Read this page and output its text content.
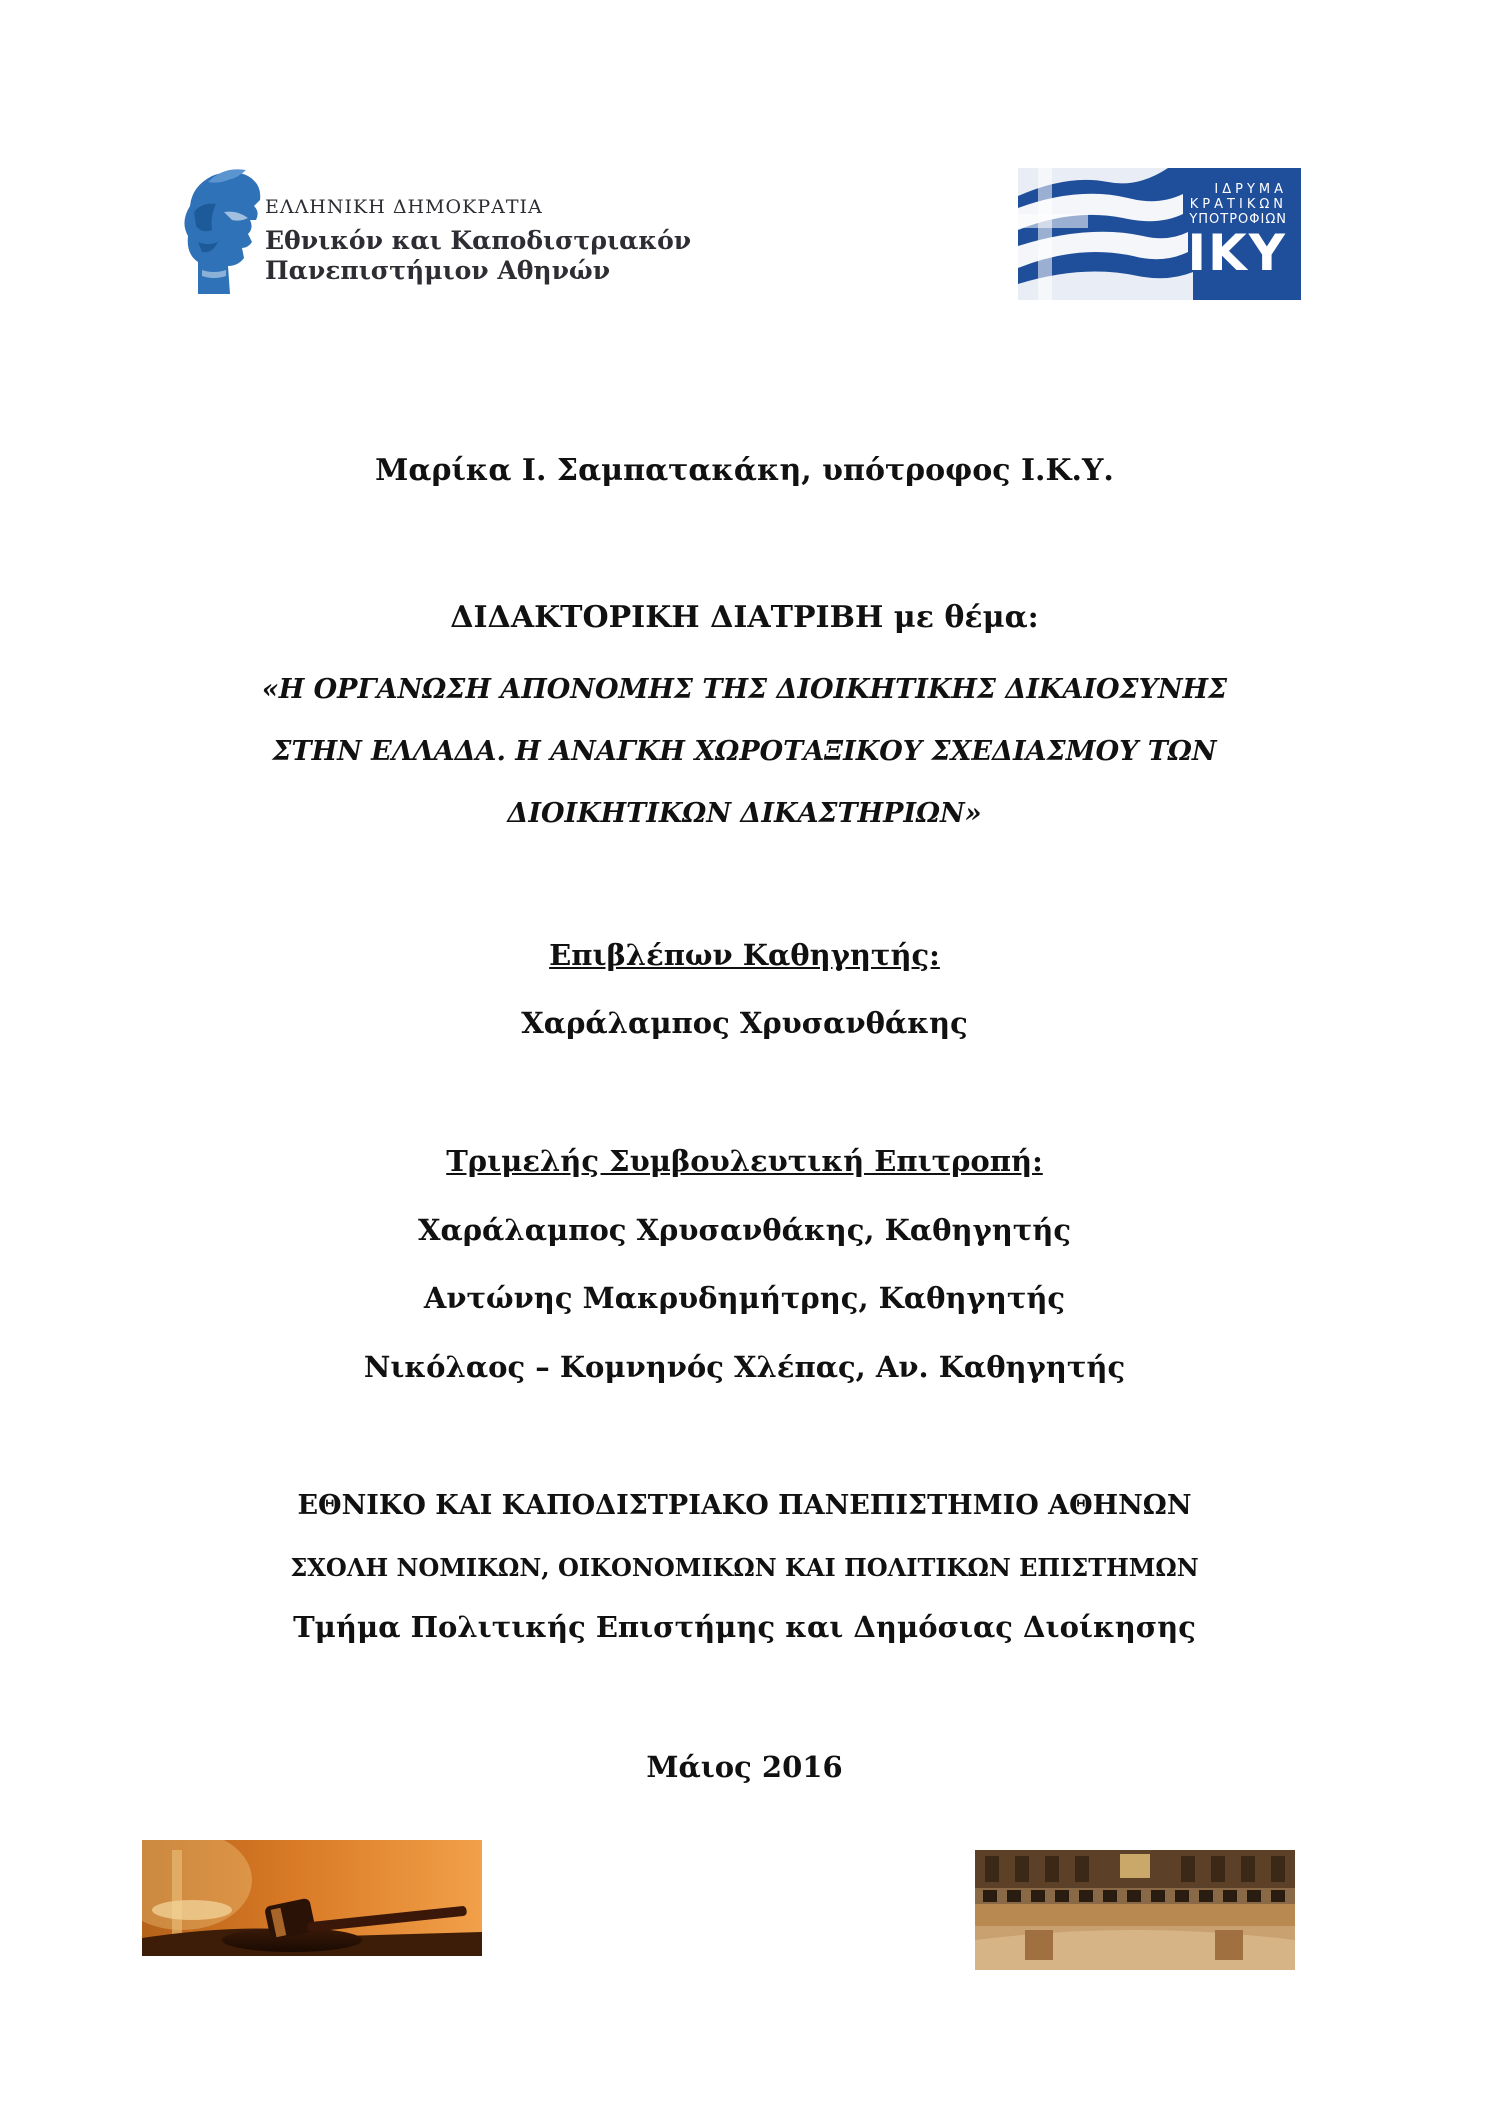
ΕΛΛΗΝΙΚΗ ΔΗΜΟΚΡΑΤΙΑ
Εθνικόν και Καποδιστριακόν
Πανεπιστήμιον Αθηνών
ΙΔΡΥΜΑ
ΚΡΑΤΙΚΩΝ
ΥΠΟΤΡΟΦΙΩΝ
IKY
Μαρίκα Ι. Σαμπατακάκη, υπότροφος Ι.Κ.Υ.
ΔΙΔΑΚΤΟΡΙΚΗ ΔΙΑΤΡΙΒΗ με θέμα:
«Η ΟΡΓΑΝΩΣΗ ΑΠΟΝΟΜΗΣ ΤΗΣ ΔΙΟΙΚΗΤΙΚΗΣ ΔΙΚΑΙΟΣΥΝΗΣ
ΣΤΗΝ ΕΛΛΑΔΑ. Η ΑΝΑΓΚΗ ΧΩΡΟΤΑΞΙΚΟΥ ΣΧΕΔΙΑΣΜΟΥ ΤΩΝ
ΔΙΟΙΚΗΤΙΚΩΝ ΔΙΚΑΣΤΗΡΙΩΝ»
Επιβλέπων Καθηγητής:
Χαράλαμπος Χρυσανθάκης
Τριμελής Συμβουλευτική Επιτροπή:
Χαράλαμπος Χρυσανθάκης, Καθηγητής
Αντώνης Μακρυδημήτρης, Καθηγητής
Νικόλαος – Κομνηνός Χλέπας, Αν. Καθηγητής
ΕΘΝΙΚΟ ΚΑΙ ΚΑΠΟΔΙΣΤΡΙΑΚΟ ΠΑΝΕΠΙΣΤΗΜΙΟ ΑΘΗΝΩΝ
ΣΧΟΛΗ ΝΟΜΙΚΩΝ, ΟΙΚΟΝΟΜΙΚΩΝ ΚΑΙ ΠΟΛΙΤΙΚΩΝ ΕΠΙΣΤΗΜΩΝ
Τμήμα Πολιτικής Επιστήμης και Δημόσιας Διοίκησης
Μάιος 2016
